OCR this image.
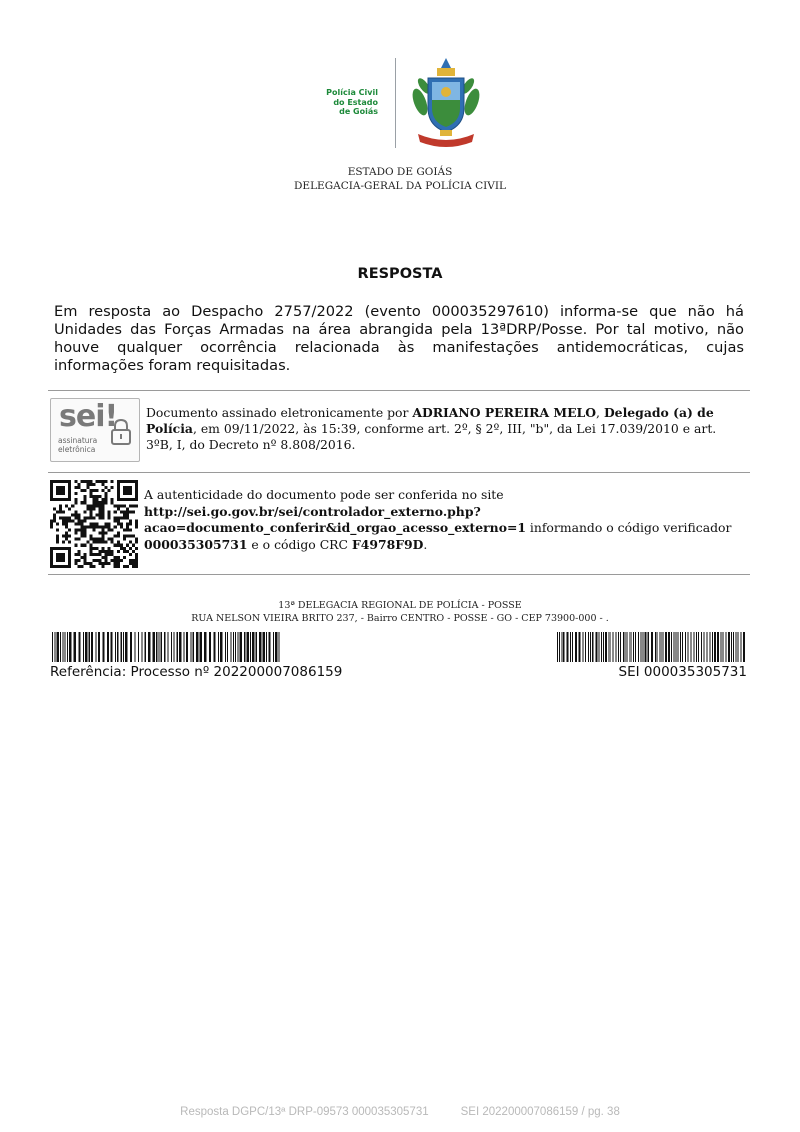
Polícia Civil
do Estado
de Goiás
ESTADO DE GOIÁS
DELEGACIA-GERAL DA POLÍCIA CIVIL
RESPOSTA
Em resposta ao Despacho 2757/2022 (evento 000035297610) informa-se que não há Unidades das Forças Armadas na área abrangida pela 13ªDRP/Posse. Por tal motivo, não houve qualquer ocorrência relacionada às manifestações antidemocráticas, cujas informações foram requisitadas.
sei!
assinatura
eletrônica
Documento assinado eletronicamente por ADRIANO PEREIRA MELO, Delegado (a) de Polícia, em 09/11/2022, às 15:39, conforme art. 2º, § 2º, III, "b", da Lei 17.039/2010 e art. 3ºB, I, do Decreto nº 8.808/2016.
A autenticidade do documento pode ser conferida no site
http://sei.go.gov.br/sei/controlador_externo.php?
acao=documento_conferir&id_orgao_acesso_externo=1 informando o código verificador
000035305731 e o código CRC F4978F9D.
13ª DELEGACIA REGIONAL DE POLÍCIA - POSSE
RUA NELSON VIEIRA BRITO 237, - Bairro CENTRO - POSSE - GO - CEP 73900-000 - .
Referência: Processo nº 202200007086159	SEI 000035305731
Resposta DGPC/13ª DRP-09573 000035305731	SEI 202200007086159 / pg. 38
